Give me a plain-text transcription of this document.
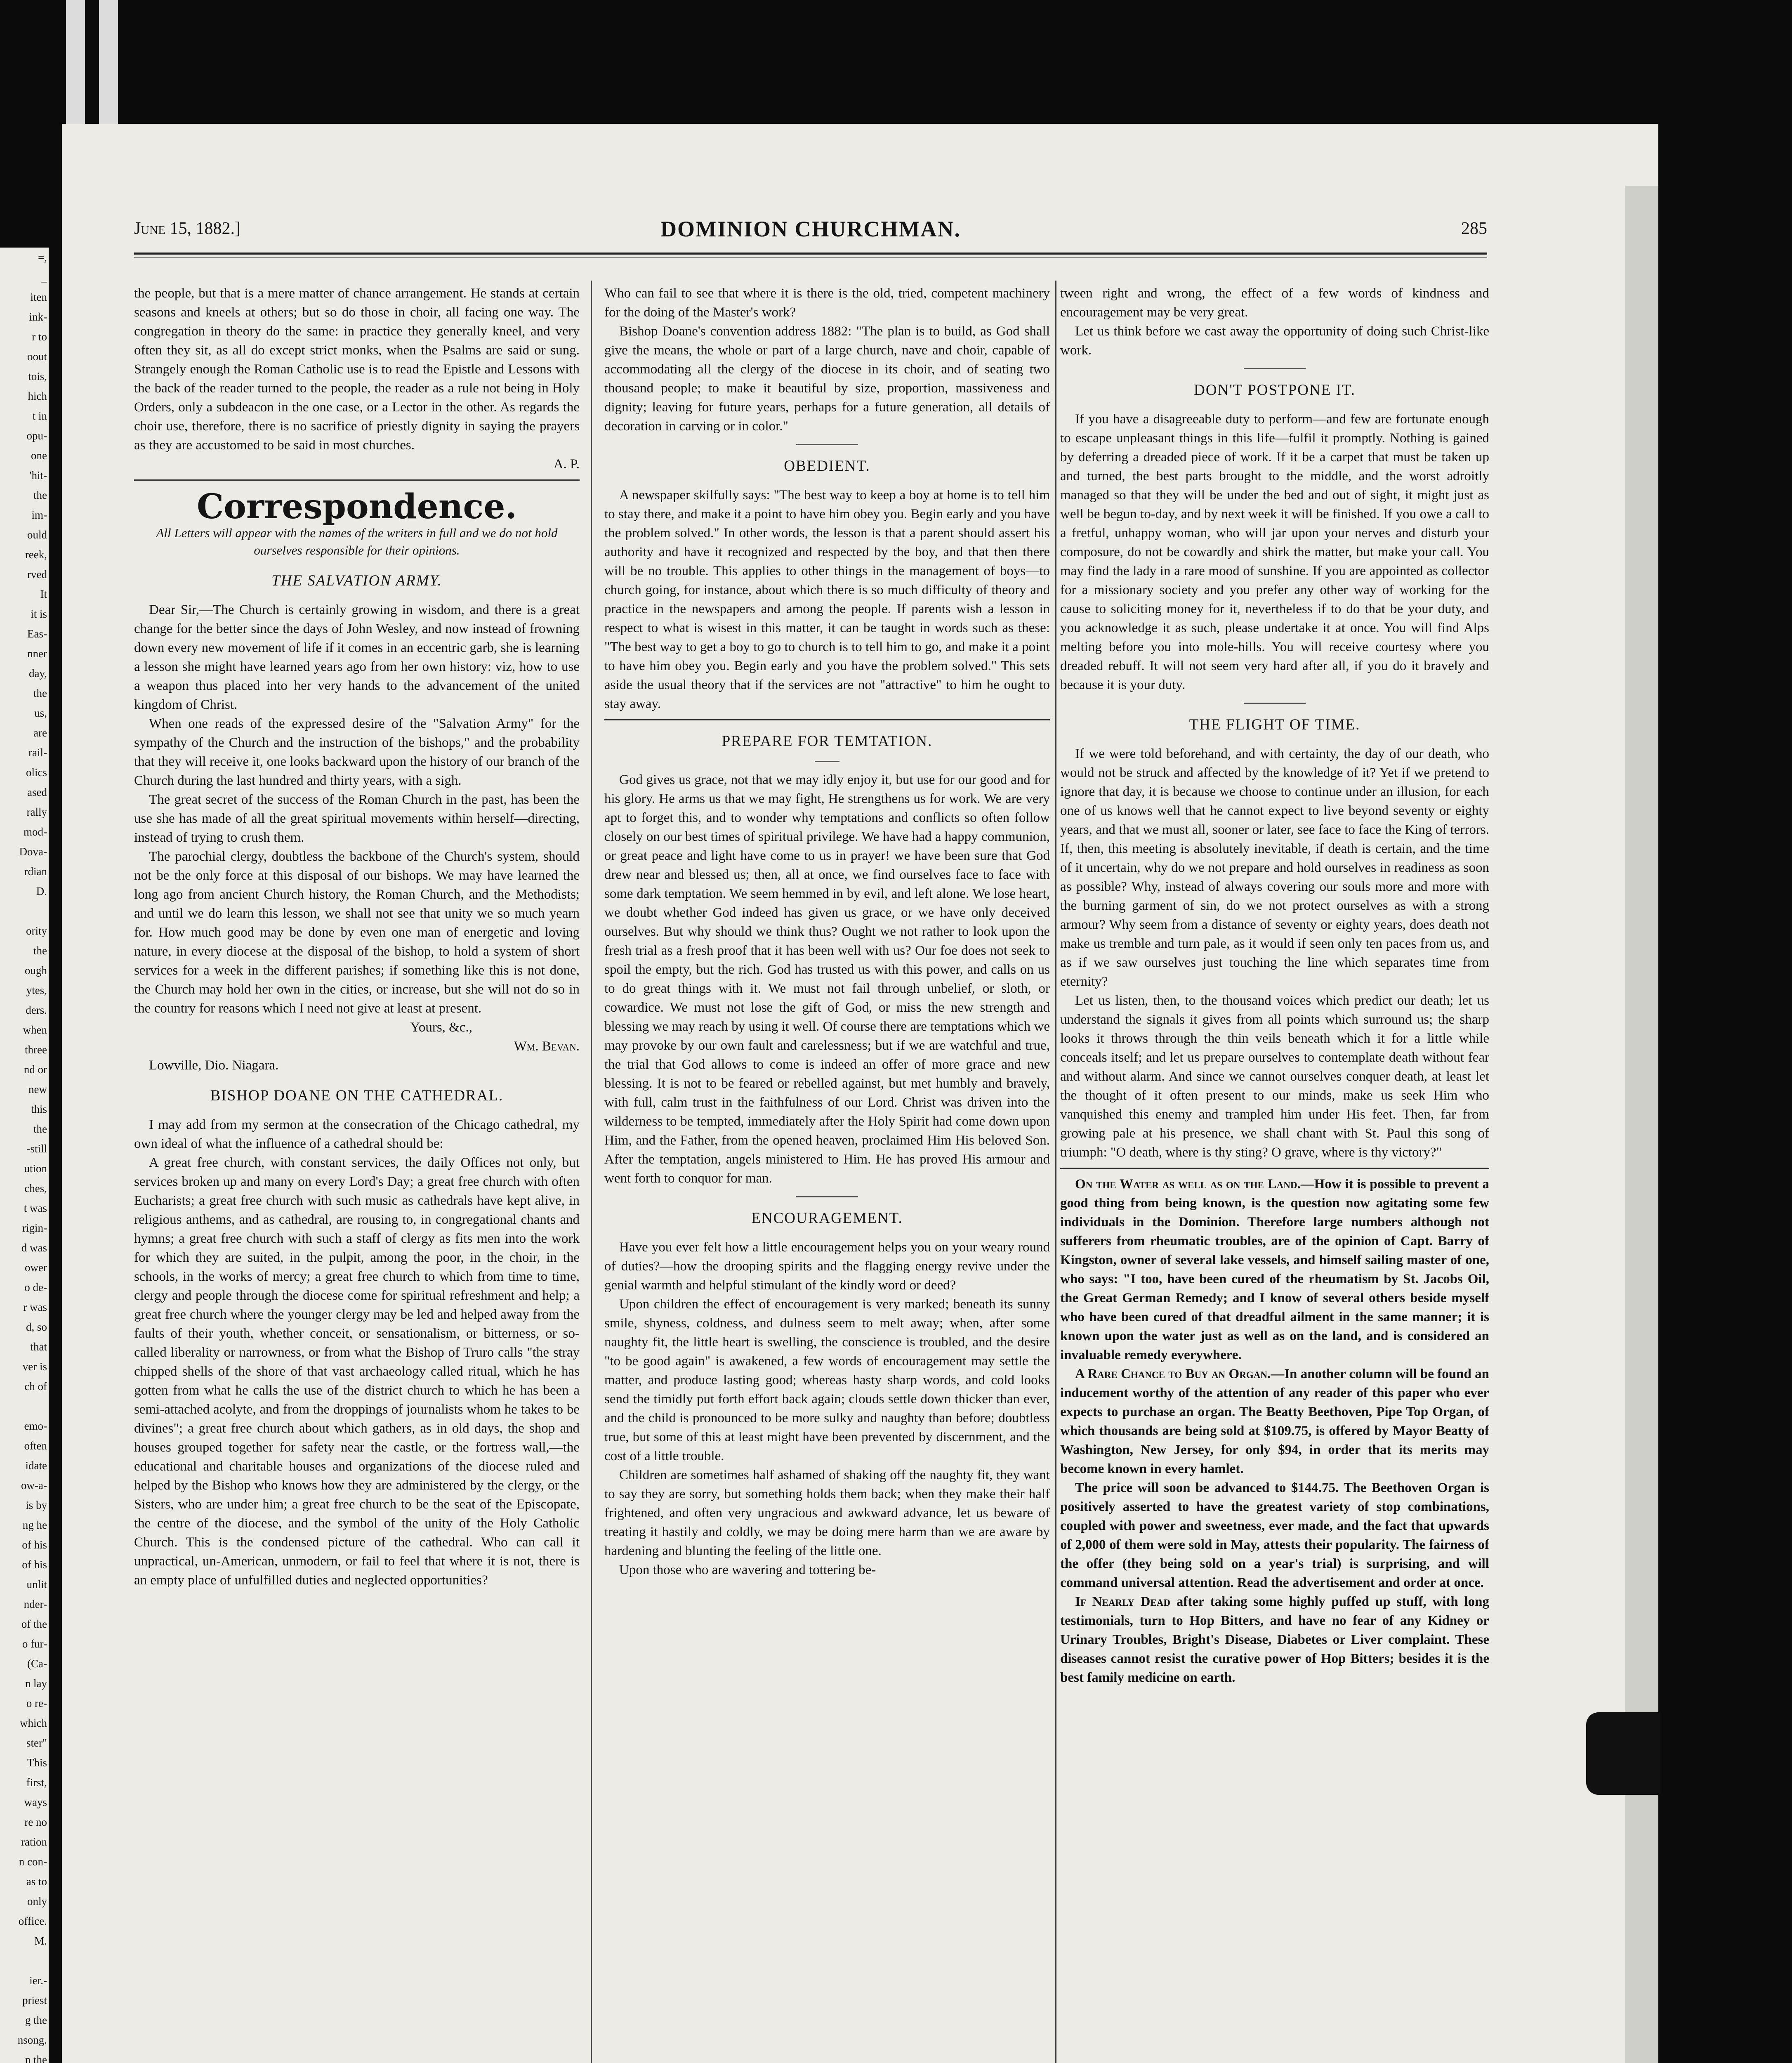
=,
_
iten
ink-
r to
oout
tois,
hich
t in
opu-
one
'hit-
the
im-
ould
reek,
rved
It
it is
Eas-
nner
day,
the
us,
are
rail-
olics
ased
rally
mod-
Dova-
rdian
D.

ority
the
ough
ytes,
ders.
when
three
nd or
new
this
the
-still
ution
ches,
t was
rigin-
d was
ower
o de-
r was
d, so
that
ver is
ch of

emo-
often
idate
ow-a-
is by
ng he
of his
of his
unlit
nder-
of the
o fur-
(Ca-
n lay
o re-
which
ster"
This
first,
ways
re no
ration
n con-
as to
only
office.
M.

ier.-
priest
g the
nsong.
n the
June 15, 1882.]	DOMINION CHURCHMAN.	285

the people, but that is a mere matter of chance arrangement. He stands at certain seasons and kneels at others; but so do those in choir, all facing one way. The congregation in theory do the same: in practice they generally kneel, and very often they sit, as all do except strict monks, when the Psalms are said or sung. Strangely enough the Roman Catholic use is to read the Epistle and Lessons with the back of the reader turned to the people, the reader as a rule not being in Holy Orders, only a subdeacon in the one case, or a Lector in the other. As regards the choir use, therefore, there is no sacrifice of priestly dignity in saying the prayers as they are accustomed to be said in most churches.

A. P.

Correspondence.
All Letters will appear with the names of the writers in full and we do not hold ourselves responsible for their opinions.
THE SALVATION ARMY.

Dear Sir,—The Church is certainly growing in wisdom, and there is a great change for the better since the days of John Wesley, and now instead of frowning down every new movement of life if it comes in an eccentric garb, she is learning a lesson she might have learned years ago from her own history: viz, how to use a weapon thus placed into her very hands to the advancement of the united kingdom of Christ.

When one reads of the expressed desire of the "Salvation Army" for the sympathy of the Church and the instruction of the bishops," and the probability that they will receive it, one looks backward upon the history of our branch of the Church during the last hundred and thirty years, with a sigh.

The great secret of the success of the Roman Church in the past, has been the use she has made of all the great spiritual movements within herself—directing, instead of trying to crush them.

The parochial clergy, doubtless the backbone of the Church's system, should not be the only force at this disposal of our bishops. We may have learned the long ago from ancient Church history, the Roman Church, and the Methodists; and until we do learn this lesson, we shall not see that unity we so much yearn for. How much good may be done by even one man of energetic and loving nature, in every diocese at the disposal of the bishop, to hold a system of short services for a week in the different parishes; if something like this is not done, the Church may hold her own in the cities, or increase, but she will not do so in the country for reasons which I need not give at least at present.

Yours, &c.,

Wm. Bevan.

Lowville, Dio. Niagara.

BISHOP DOANE ON THE CATHEDRAL.

I may add from my sermon at the consecration of the Chicago cathedral, my own ideal of what the influence of a cathedral should be:

A great free church, with constant services, the daily Offices not only, but services broken up and many on every Lord's Day; a great free church with often Eucharists; a great free church with such music as cathedrals have kept alive, in religious anthems, and as cathedral, are rousing to, in congregational chants and hymns; a great free church with such a staff of clergy as fits men into the work for which they are suited, in the pulpit, among the poor, in the choir, in the schools, in the works of mercy; a great free church to which from time to time, clergy and people through the diocese come for spiritual refreshment and help; a great free church where the younger clergy may be led and helped away from the faults of their youth, whether conceit, or sensationalism, or bitterness, or so-called liberality or narrowness, or from what the Bishop of Truro calls "the stray chipped shells of the shore of that vast archaeology called ritual, which he has gotten from what he calls the use of the district church to which he has been a semi-attached acolyte, and from the droppings of journalists whom he takes to be divines"; a great free church about which gathers, as in old days, the shop and houses grouped together for safety near the castle, or the fortress wall,—the educational and charitable houses and organizations of the diocese ruled and helped by the Bishop who knows how they are administered by the clergy, or the Sisters, who are under him; a great free church to be the seat of the Episcopate, the centre of the diocese, and the symbol of the unity of the Holy Catholic Church. This is the condensed picture of the cathedral. Who can call it unpractical, un-American, unmodern, or fail to feel that where it is not, there is an empty place of unfulfilled duties and neglected opportunities?

Who can fail to see that where it is there is the old, tried, competent machinery for the doing of the Master's work?

Bishop Doane's convention address 1882: "The plan is to build, as God shall give the means, the whole or part of a large church, nave and choir, capable of accommodating all the clergy of the diocese in its choir, and of seating two thousand people; to make it beautiful by size, proportion, massiveness and dignity; leaving for future years, perhaps for a future generation, all details of decoration in carving or in color."

OBEDIENT.

A newspaper skilfully says: "The best way to keep a boy at home is to tell him to stay there, and make it a point to have him obey you. Begin early and you have the problem solved." In other words, the lesson is that a parent should assert his authority and have it recognized and respected by the boy, and that then there will be no trouble. This applies to other things in the management of boys—to church going, for instance, about which there is so much difficulty of theory and practice in the newspapers and among the people. If parents wish a lesson in respect to what is wisest in this matter, it can be taught in words such as these: "The best way to get a boy to go to church is to tell him to go, and make it a point to have him obey you. Begin early and you have the problem solved." This sets aside the usual theory that if the services are not "attractive" to him he ought to stay away.

PREPARE FOR TEMTATION.

God gives us grace, not that we may idly enjoy it, but use for our good and for his glory. He arms us that we may fight, He strengthens us for work. We are very apt to forget this, and to wonder why temptations and conflicts so often follow closely on our best times of spiritual privilege. We have had a happy communion, or great peace and light have come to us in prayer! we have been sure that God drew near and blessed us; then, all at once, we find ourselves face to face with some dark temptation. We seem hemmed in by evil, and left alone. We lose heart, we doubt whether God indeed has given us grace, or we have only deceived ourselves. But why should we think thus? Ought we not rather to look upon the fresh trial as a fresh proof that it has been well with us? Our foe does not seek to spoil the empty, but the rich. God has trusted us with this power, and calls on us to do great things with it. We must not fail through unbelief, or sloth, or cowardice. We must not lose the gift of God, or miss the new strength and blessing we may reach by using it well. Of course there are temptations which we may provoke by our own fault and carelessness; but if we are watchful and true, the trial that God allows to come is indeed an offer of more grace and new blessing. It is not to be feared or rebelled against, but met humbly and bravely, with full, calm trust in the faithfulness of our Lord. Christ was driven into the wilderness to be tempted, immediately after the Holy Spirit had come down upon Him, and the Father, from the opened heaven, proclaimed Him His beloved Son. After the temptation, angels ministered to Him. He has proved His armour and went forth to conquor for man.

ENCOURAGEMENT.

Have you ever felt how a little encouragement helps you on your weary round of duties?—how the drooping spirits and the flagging energy revive under the genial warmth and helpful stimulant of the kindly word or deed?

Upon children the effect of encouragement is very marked; beneath its sunny smile, shyness, coldness, and dulness seem to melt away; when, after some naughty fit, the little heart is swelling, the conscience is troubled, and the desire "to be good again" is awakened, a few words of encouragement may settle the matter, and produce lasting good; whereas hasty sharp words, and cold looks send the timidly put forth effort back again; clouds settle down thicker than ever, and the child is pronounced to be more sulky and naughty than before; doubtless true, but some of this at least might have been prevented by discernment, and the cost of a little trouble.

Children are sometimes half ashamed of shaking off the naughty fit, they want to say they are sorry, but something holds them back; when they make their half frightened, and often very ungracious and awkward advance, let us beware of treating it hastily and coldly, we may be doing mere harm than we are aware by hardening and blunting the feeling of the little one.

Upon those who are wavering and tottering be-

tween right and wrong, the effect of a few words of kindness and encouragement may be very great.

Let us think before we cast away the opportunity of doing such Christ-like work.

DON'T POSTPONE IT.

If you have a disagreeable duty to perform—and few are fortunate enough to escape unpleasant things in this life—fulfil it promptly. Nothing is gained by deferring a dreaded piece of work. If it be a carpet that must be taken up and turned, the best parts brought to the middle, and the worst adroitly managed so that they will be under the bed and out of sight, it might just as well be begun to-day, and by next week it will be finished. If you owe a call to a fretful, unhappy woman, who will jar upon your nerves and disturb your composure, do not be cowardly and shirk the matter, but make your call. You may find the lady in a rare mood of sunshine. If you are appointed as collector for a missionary society and you prefer any other way of working for the cause to soliciting money for it, nevertheless if to do that be your duty, and you acknowledge it as such, please undertake it at once. You will find Alps melting before you into mole-hills. You will receive courtesy where you dreaded rebuff. It will not seem very hard after all, if you do it bravely and because it is your duty.

THE FLIGHT OF TIME.

If we were told beforehand, and with certainty, the day of our death, who would not be struck and affected by the knowledge of it? Yet if we pretend to ignore that day, it is because we choose to continue under an illusion, for each one of us knows well that he cannot expect to live beyond seventy or eighty years, and that we must all, sooner or later, see face to face the King of terrors. If, then, this meeting is absolutely inevitable, if death is certain, and the time of it uncertain, why do we not prepare and hold ourselves in readiness as soon as possible? Why, instead of always covering our souls more and more with the burning garment of sin, do we not protect ourselves as with a strong armour? Why seem from a distance of seventy or eighty years, does death not make us tremble and turn pale, as it would if seen only ten paces from us, and as if we saw ourselves just touching the line which separates time from eternity?

Let us listen, then, to the thousand voices which predict our death; let us understand the signals it gives from all points which surround us; the sharp looks it throws through the thin veils beneath which it for a little while conceals itself; and let us prepare ourselves to contemplate death without fear and without alarm. And since we cannot ourselves conquer death, at least let the thought of it often present to our minds, make us seek Him who vanquished this enemy and trampled him under His feet. Then, far from growing pale at his presence, we shall chant with St. Paul this song of triumph: "O death, where is thy sting? O grave, where is thy victory?"

On the Water as well as on the Land.—How it is possible to prevent a good thing from being known, is the question now agitating some few individuals in the Dominion. Therefore large numbers although not sufferers from rheumatic troubles, are of the opinion of Capt. Barry of Kingston, owner of several lake vessels, and himself sailing master of one, who says: "I too, have been cured of the rheumatism by St. Jacobs Oil, the Great German Remedy; and I know of several others beside myself who have been cured of that dreadful ailment in the same manner; it is known upon the water just as well as on the land, and is considered an invaluable remedy everywhere.

A Rare Chance to Buy an Organ.—In another column will be found an inducement worthy of the attention of any reader of this paper who ever expects to purchase an organ. The Beatty Beethoven, Pipe Top Organ, of which thousands are being sold at $109.75, is offered by Mayor Beatty of Washington, New Jersey, for only $94, in order that its merits may become known in every hamlet.

The price will soon be advanced to $144.75. The Beethoven Organ is positively asserted to have the greatest variety of stop combinations, coupled with power and sweetness, ever made, and the fact that upwards of 2,000 of them were sold in May, attests their popularity. The fairness of the offer (they being sold on a year's trial) is surprising, and will command universal attention. Read the advertisement and order at once.

If Nearly Dead after taking some highly puffed up stuff, with long testimonials, turn to Hop Bitters, and have no fear of any Kidney or Urinary Troubles, Bright's Disease, Diabetes or Liver complaint. These diseases cannot resist the curative power of Hop Bitters; besides it is the best family medicine on earth.
